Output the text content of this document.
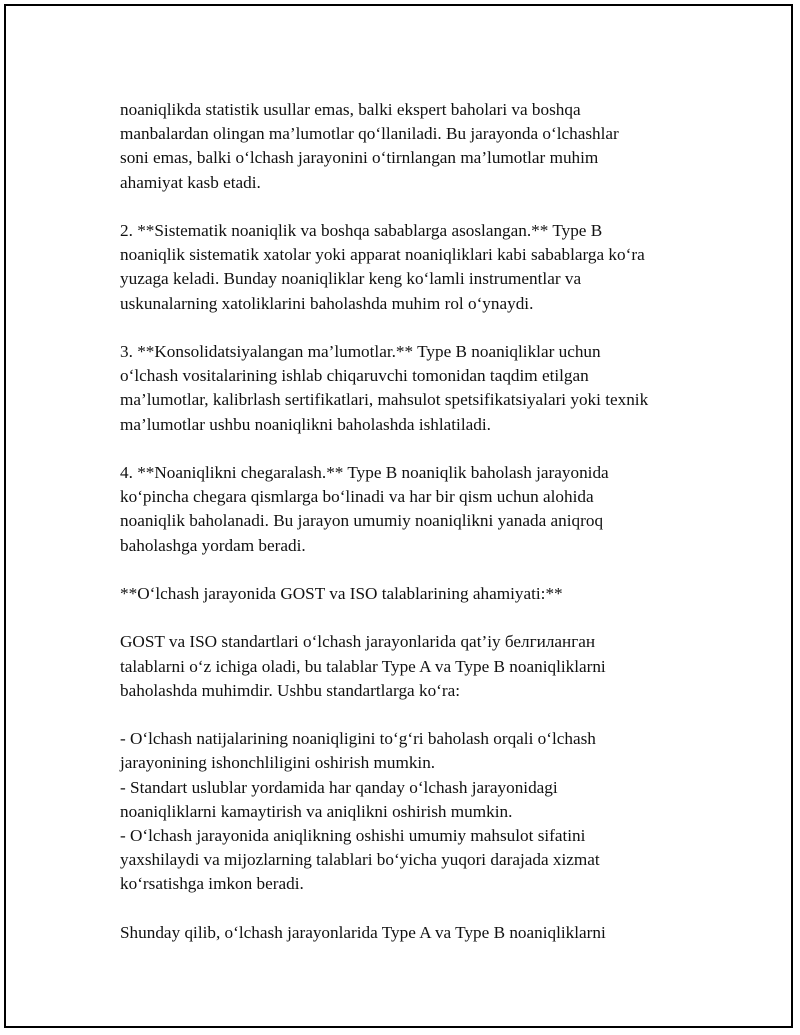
noaniqlikda statistik usullar emas, balki ekspert baholari va boshqa
manbalardan olingan ma’lumotlar qo‘llaniladi. Bu jarayonda o‘lchashlar
soni emas, balki o‘lchash jarayonini o‘tirnlangan ma’lumotlar muhim
ahamiyat kasb etadi.

2. **Sistematik noaniqlik va boshqa sabablarga asoslangan.** Type B
noaniqlik sistematik xatolar yoki apparat noaniqliklari kabi sabablarga ko‘ra
yuzaga keladi. Bunday noaniqliklar keng ko‘lamli instrumentlar va
uskunalarning xatoliklarini baholashda muhim rol o‘ynaydi.

3. **Konsolidatsiyalangan ma’lumotlar.** Type B noaniqliklar uchun
o‘lchash vositalarining ishlab chiqaruvchi tomonidan taqdim etilgan
ma’lumotlar, kalibrlash sertifikatlari, mahsulot spetsifikatsiyalari yoki texnik
ma’lumotlar ushbu noaniqlikni baholashda ishlatiladi.

4. **Noaniqlikni chegaralash.** Type B noaniqlik baholash jarayonida
ko‘pincha chegara qismlarga bo‘linadi va har bir qism uchun alohida
noaniqlik baholanadi. Bu jarayon umumiy noaniqlikni yanada aniqroq
baholashga yordam beradi.

**O‘lchash jarayonida GOST va ISO talablarining ahamiyati:**

GOST va ISO standartlari o‘lchash jarayonlarida qat’iy белгиланган
talablarni o‘z ichiga oladi, bu talablar Type A va Type B noaniqliklarni
baholashda muhimdir. Ushbu standartlarga ko‘ra:

- O‘lchash natijalarining noaniqligini to‘g‘ri baholash orqali o‘lchash
jarayonining ishonchliligini oshirish mumkin.
- Standart uslublar yordamida har qanday o‘lchash jarayonidagi
noaniqliklarni kamaytirish va aniqlikni oshirish mumkin.
- O‘lchash jarayonida aniqlikning oshishi umumiy mahsulot sifatini
yaxshilaydi va mijozlarning talablari bo‘yicha yuqori darajada xizmat
ko‘rsatishga imkon beradi.

Shunday qilib, o‘lchash jarayonlarida Type A va Type B noaniqliklarni
